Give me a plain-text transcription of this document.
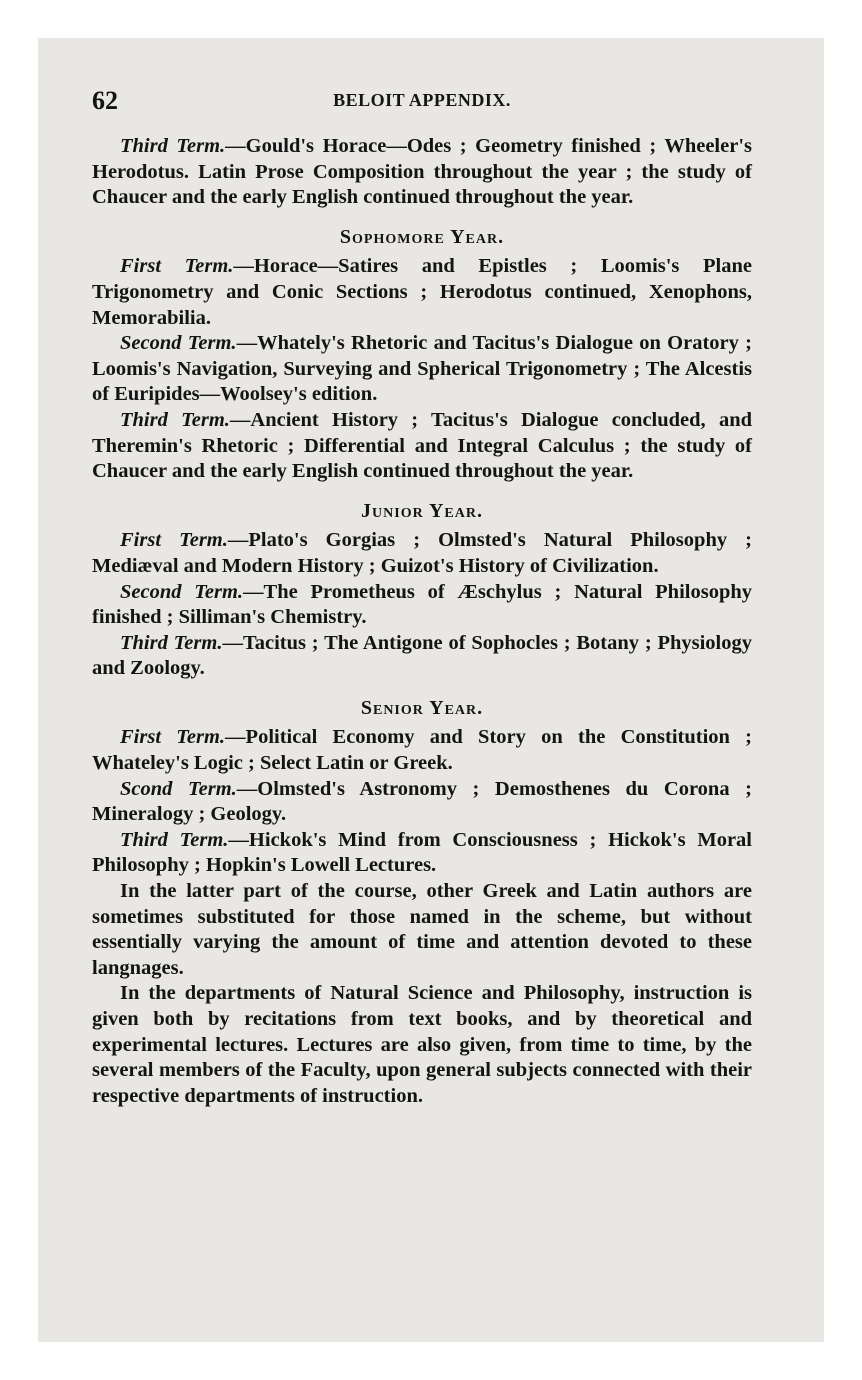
62	BELOIT APPENDIX.

Third Term.—Gould's Horace—Odes ; Geometry finished ; Wheeler's Herodotus. Latin Prose Composition throughout the year ; the study of Chaucer and the early English continued throughout the year.

Sophomore Year.

First Term.—Horace—Satires and Epistles ; Loomis's Plane Trigonometry and Conic Sections ; Herodotus continued, Xenophons, Memorabilia.

Second Term.—Whately's Rhetoric and Tacitus's Dialogue on Oratory ; Loomis's Navigation, Surveying and Spherical Trigonometry ; The Alcestis of Euripides—Woolsey's edition.

Third Term.—Ancient History ; Tacitus's Dialogue concluded, and Theremin's Rhetoric ; Differential and Integral Calculus ; the study of Chaucer and the early English continued throughout the year.

Junior Year.

First Term.—Plato's Gorgias ; Olmsted's Natural Philosophy ; Mediæval and Modern History ; Guizot's History of Civilization.

Second Term.—The Prometheus of Æschylus ; Natural Philosophy finished ; Silliman's Chemistry.

Third Term.—Tacitus ; The Antigone of Sophocles ; Botany ; Physiology and Zoology.

Senior Year.

First Term.—Political Economy and Story on the Constitution ; Whateley's Logic ; Select Latin or Greek.

Scond Term.—Olmsted's Astronomy ; Demosthenes du Corona ; Mineralogy ; Geology.

Third Term.—Hickok's Mind from Consciousness ; Hickok's Moral Philosophy ; Hopkin's Lowell Lectures.

In the latter part of the course, other Greek and Latin authors are sometimes substituted for those named in the scheme, but without essentially varying the amount of time and attention devoted to these langnages.

In the departments of Natural Science and Philosophy, instruction is given both by recitations from text books, and by theoretical and experimental lectures. Lectures are also given, from time to time, by the several members of the Faculty, upon general subjects connected with their respective departments of instruction.
